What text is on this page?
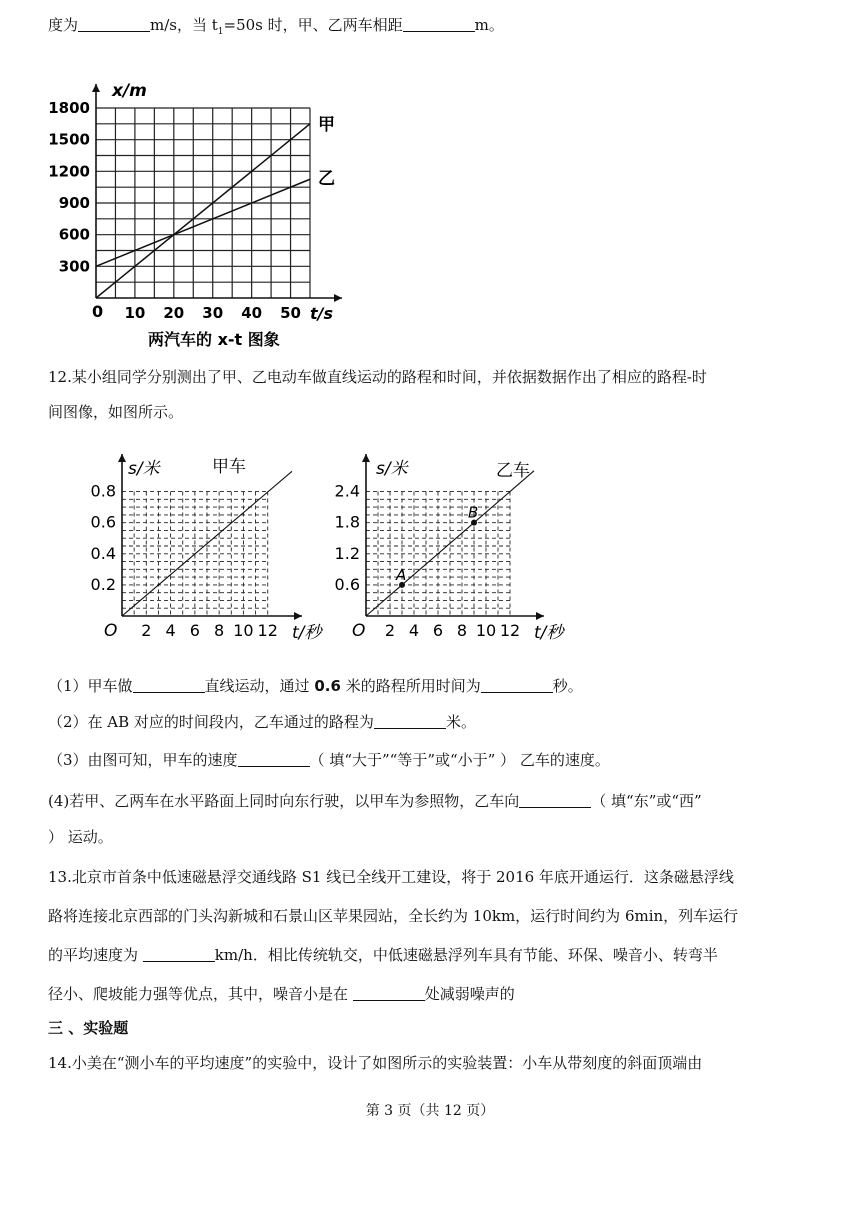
度为	m/s，当 $t_1=50s$ 时，甲、乙两车相距	m。
x/m
t/s
0
两汽车的 x-t 图象
10 20 30 40 50
300
600
900
1200
1500
1800
甲
乙
12.某小组同学分别测出了甲、乙电动车做直线运动的路程和时间，并依据数据作出了相应的路程-时
间图像，如图所示。
s/米	甲车
t/秒
O 2 4 6 8 10 12
0.2
0.4
0.6
0.8
s/米	乙车
t/秒
O 2 4 6 8 10 12
0.6
1.2
1.8
2.4
A
B
（1）甲车做	直线运动，通过 0.6 米的路程所用时间为	秒。
（2）在 AB 对应的时间段内，乙车通过的路程为	米。
（3）由图可知，甲车的速度	（ 填“大于”“等于”或“小于” ） 乙车的速度。
(4)若甲、乙两车在水平路面上同时向东行驶，以甲车为参照物，乙车向	（ 填“东”或“西”
） 运动。
13.北京市首条中低速磁悬浮交通线路 S1 线已全线开工建设，将于 2016 年底开通运行．这条磁悬浮线
路将连接北京西部的门头沟新城和石景山区苹果园站，全长约为 10km，运行时间约为 6min，列车运行
的平均速度为	km/h．相比传统轨交，中低速磁悬浮列车具有节能、环保、噪音小、转弯半
径小、爬坡能力强等优点，其中，噪音小是在	处减弱噪声的
三 、实验题
14.小美在“测小车的平均速度”的实验中，设计了如图所示的实验装置：小车从带刻度的斜面顶端由
第 3 页（共 12 页）
